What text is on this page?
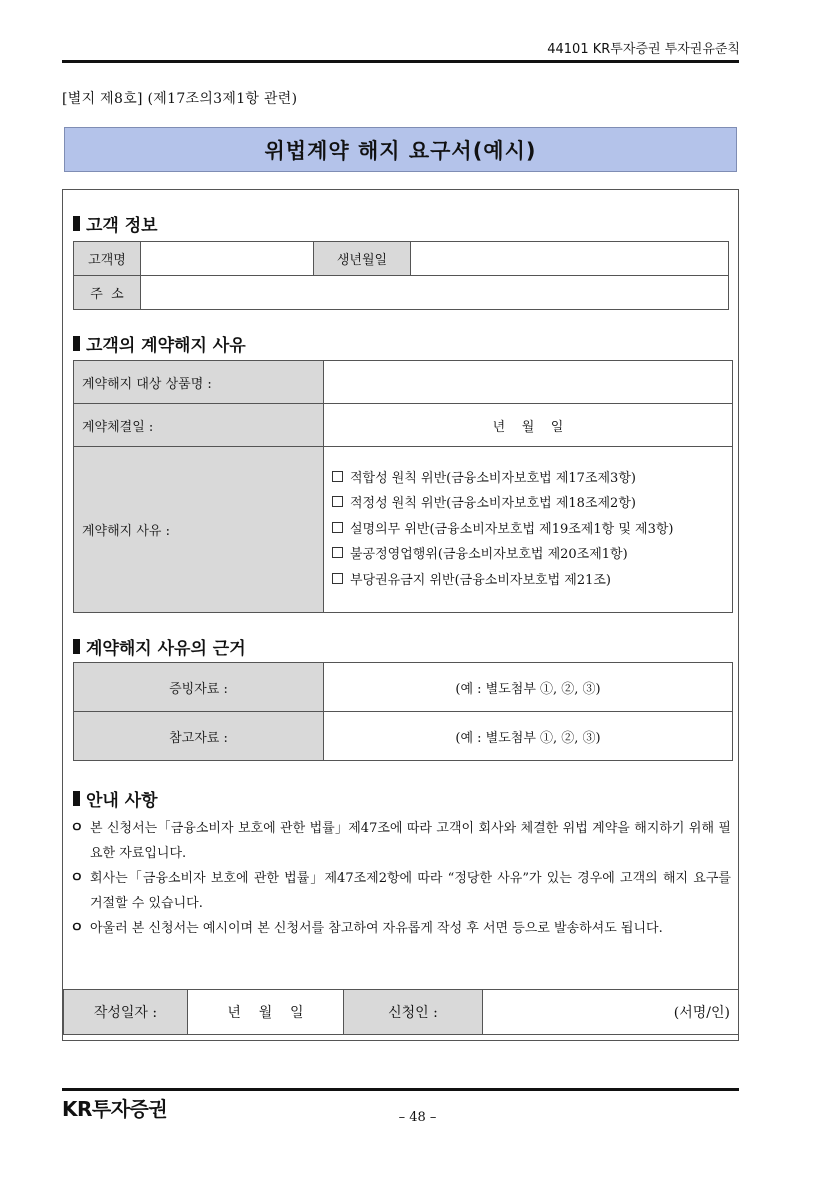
44101 KR투자증권 투자권유준칙
[별지 제8호] (제17조의3제1항 관련)
위법계약 해지 요구서(예시)
고객 정보
고객명		생년월일	
주  소			
고객의 계약해지 사유
계약해지 대상 상품명 :	
계약체결일 :	년    월    일
계약해지 사유 :	적합성 원칙 위반(금융소비자보호법 제17조제3항)
적정성 원칙 위반(금융소비자보호법 제18조제2항)
설명의무 위반(금융소비자보호법 제19조제1항 및 제3항)
불공정영업행위(금융소비자보호법 제20조제1항)
부당권유금지 위반(금융소비자보호법 제21조)
계약해지 사유의 근거
증빙자료 :	(예 : 별도첨부 ①, ②, ③)
참고자료 :	(예 : 별도첨부 ①, ②, ③)
안내 사항
ㅇ 본 신청서는「금융소비자 보호에 관한 법률」제47조에 따라 고객이 회사와 체결한 위법 계약을 해지하기 위해 필요한 자료입니다.
ㅇ 회사는「금융소비자 보호에 관한 법률」제47조제2항에 따라 “정당한 사유”가 있는 경우에 고객의 해지 요구를 거절할 수 있습니다.
ㅇ 아울러 본 신청서는 예시이며 본 신청서를 참고하여 자유롭게 작성 후 서면 등으로 발송하셔도 됩니다.
작성일자 :	년    월    일	신청인 :	(서명/인)
KR투자증권	– 48 –
